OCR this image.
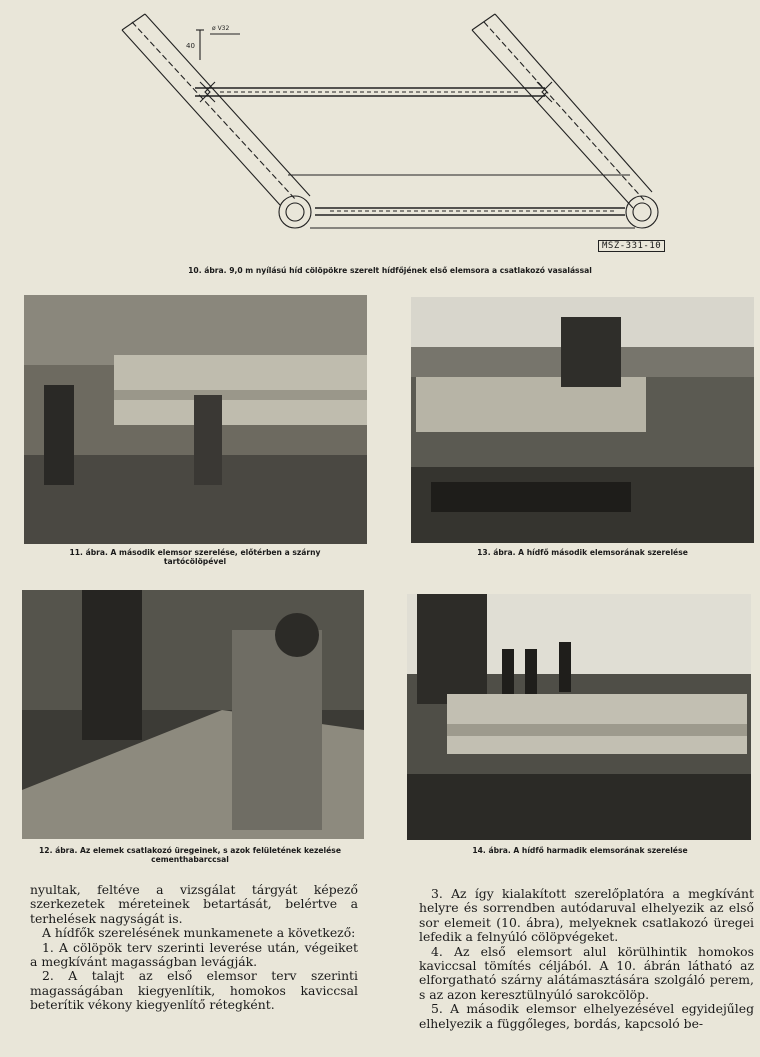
40
ø V32
MSZ-331-10
10. ábra. 9,0 m nyílású híd cölöpökre szerelt hídfőjének első elemsora a csatlakozó vasalással
11. ábra. A második elemsor szerelése, előtérben a szárny tartócölöpével
13. ábra. A hídfő második elemsorának szerelése
12. ábra. Az elemek csatlakozó üregeinek, s azok felületének kezelése cementhabarccsal
14. ábra. A hídfő harmadik elemsorának szerelése

nyultak, feltéve a vizsgálat tárgyát képező szerkezetek méreteinek betartását, belértve a terhelések nagyságát is.

A hídfők szerelésének munkamenete a következő:

1. A cölöpök terv szerinti leverése után, végeiket a megkívánt magasságban levágják.

2. A talajt az első elemsor terv szerinti magasságában kiegyenlítik, homokos kaviccsal beterítik vékony kiegyenlítő rétegként.

3. Az így kialakított szerelőplatóra a megkívánt helyre és sorrendben autódaruval elhelyezik az első sor elemeit (10. ábra), melyeknek csatlakozó üregei lefedik a felnyúló cölöpvégeket.

4. Az első elemsort alul körülhintik homokos kaviccsal tömítés céljából. A 10. ábrán látható az elforgatható szárny alátámasztására szolgáló perem, s az azon keresztülnyúló sarokcölöp.

5. A második elemsor elhelyezésével egyidejűleg elhelyezik a függőleges, bordás, kapcsoló be-
